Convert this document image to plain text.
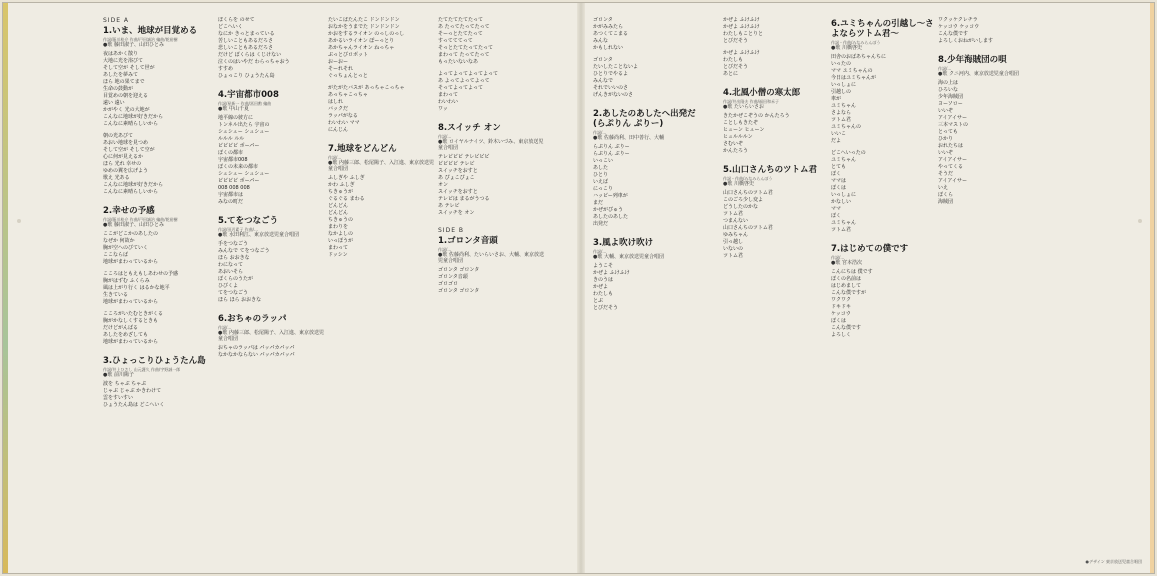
SIDE A
1.いま、地球が目覚める
作詞/藤川桂介 作曲/戸田誠治 編曲/乾裕樹
●歌 藤田淑子、山田ひとみ
夜はあかく散り
大地に光を浴びて
そして空が そして世が
あしたを夢みて
ほら 地の果てまで
生命の鼓動が
目覚めの朝を迎える
遠い 遠い
かがやく 光の大地が
こんなに地球が好きだから
こんなに素晴らしいから
朝の光あびて
あおい地球を見つめ
そして空が そして空が
心に何が見えるか
ほら 光れ 幸せの
ゆめの翼を広げよう
歌え 光ある
こんなに地球が好きだから
こんなに素晴らしいから
2.幸せの予感
作詞/藤川桂介 作曲/戸田誠治 編曲/乾裕樹
●歌 藤田淑子、山田ひとみ
ここがどこかのあしたの
なぜか 何故か
胸が空へのびていく
ここならば
地球がまわっているから
こころはともえもしあわせの予感
胸がはずむ ふくらみ
風は上がり行く はるかな地平
生きている
地球がまわっているから
こころがいたむときがくる
胸がかなしくするときも
だけどがんばる
あしたをめざしても
地球がまわっているから
3.ひょっこりひょうたん島
作詞/井上ひさし 山元護久 作曲/宇野誠一郎
●歌 前川陽子
波を ちゃぷ ちゃぷ
じゃぶ じゃぶ かきわけて
雲をすいすい
ひょうたん島は どこへいく
ぼくらを のせて
どこへいく
なにか きっとまっている
苦しいこともあるだろさ
悲しいこともあるだろさ
だけど ぼくらは くじけない
泣くのはいやだ わらっちゃおう
すすめ
ひょっこり ひょうたん島
4.宇宙都市008
作詞/星新一 作曲/冨田勲 編曲
●歌 中山千夏
地平線の彼方に
トンネル出たら 宇宙の
シュシュー シュシュー
ルルル ルル
ピピピピ ポーパー
ぼくの都市
宇宙都市008
ぼくの未来の都市
シュシュー シュシュー
ピピピピ ポーパー
008 008 008
宇宙都市は
みなの町だ
5.てをつなごう
作詞/田辺素子 作曲/…
●歌 水田利江、東京放送児童合唱団
手をつなごう
みんなで てをつなごう
ほら おおきな
わになって
あおいそら
ぼくらのうたが
ひびくよ
てをつなごう
ほら ほら おおきな
6.おちゃのラッパ
作詞/…
●歌 内藤三郎、松尾陽子、入江進、東京放送児童合唱団
おちゃのラッパは パッパカパッパ
なかなかならない パッパカパッパ
たいこばたんたこ ドンドンドン
おなかをうまでた ドンドンドン
かおをするライオン のっしのっし
あかるいライオン ぽーっとり
あかちゃんライオン ねっちゃ
ぶっとびロボット
おーおー
そーれそれ
ぐっちょんとっと
がたがたバスが あっちゃこっちゃ
あっちゃこっちゃ
はしれ
バックだ
ラッパがなる
わいわい ママ
にんじん
7.地球をどんどん
作詞/…
●歌 内藤三郎、松尾陽子、入江進、東京放送児童合唱団
ふしぎや ふしぎ
かわ ふしぎ
ちきゅうが
ぐるぐる まわる
どんどん
どんどん
ちきゅうの
まわりを
なかよしの
いっぽうが
まわって
ドッシン
たてたてたてたって
あ たってたってたって
そーっとたてたって
すってててって
そっとたてたってたって
まわって たってたって
もったいないなあ
よってよってよってよって
あ よってよってよって
そってよってよって
まわって
わいわい
ワッ
8.スイッチ オン
作詞/…
●歌 ロイヤルナイツ、鈴木いづみ、東京放送児童合唱団
テレビピピ テレビピピ
ピピピピ テレビ
スイッチをおすと
あ ぴょこぴょこ
オン
スイッチをおすと
テレビは まるがうつる
あ テレビ
スイッチを オン
SIDE B
1.ゴロンタ音頭
作詞/…
●歌 佐藤尚利、たいらいさお、大輔、東京放送児童合唱団
ゴロンタ ゴロンタ
ゴロンタ音頭
ゴロゴロ
ゴロンタ ゴロンタ
ゴロンタ
かがみみたら
あつくてこまる
みんな
かもしれない
ゴロンタ
たいしたことないよ
ひとりでやるよ
みんなで
それでいいのさ
げんきがないのさ
2.あしたのあしたへ出発だ(らぷりん ぷりー)
作詞/…
●歌 佐藤尚利、田中善行、大輔
らぷりん ぷりー
らぷりん ぷりー
いっこい
あした
ひとり
いえば
にっこり
ハッピー列車が
まだ
かぜがぴゅう
あしたのあした
出発だ
3.風よ吹け吹け
作詞/…
●歌 大輔、東京放送児童合唱団
ようこそ
かぜよ ふけふけ
きのうは
かぜよ
わたしも
とぶ
とびだそう
かぜよ ふけふけ
かぜよ ふけふけ
わたしもことりと
とびだそう
かぜよ ふけふけ
わたしも
とびだそう
あとに
4.北風小僧の寒太郎
作詞/井出隆夫 作曲/福田和禾子
●歌 たいらいさお
きたかぜこぞうの かんたろう
ことしもきたぞ
ヒューン ヒューン
ヒュルルルン
さむいぞ
かんたろう
5.山口さんちのツトム君
作詞・作曲/みなみらんぼう
●歌 川橋啓史
山口さんちのツトム君
このごろ少し変よ
どうしたのかな
ツトム君
つまんない
山口さんちのツトム君
ゆみちゃん
引っ越し
いないの
ツトム君
6.ユミちゃんの引越し〜さよならツトム君〜
作詞・作曲/みなみらんぼう
●歌 川橋啓史
田舎のおばあちゃんちに
いったの
ママ ユミちゃんの
今日はユミちゃんが
いっしょに
引越しの
車が
ユミちゃん
さよなら
ツトム君
ユミちゃんの
いいこ
だよ
どこへいったの
ユミちゃん
とても
ぼく
ママは
ぼくは
いっしょに
かなしい
ママ
ぼく
ユミちゃん
ツトム君
7.はじめての僕です
作詞/…
●歌 宮本浩次
こんにちは 僕です
ぼくの名前は
はじめまして
こんな僕ですが
ワクワク
ドキドキ
ケッコウ
ぼくは
こんな僕です
よろしく
ワクッケクレチラ
ケッコウ ケッコウ
こんな僕です
よろしくおねがいします
8.少年海賊団の唄
作詞/…
●歌 クニ河内、東京放送児童合唱団
海の上は
ひろいな
少年海賊団
ヨーソロー
いいぞ
アイアイサー
三本マストの
とっても
ひかり
おれたちは
いいぞ
アイアイサー
やってくる
そうだ
アイアイサー
いえ
ぼくら
海賊団
●デザイン 東京放送児童合唱団
